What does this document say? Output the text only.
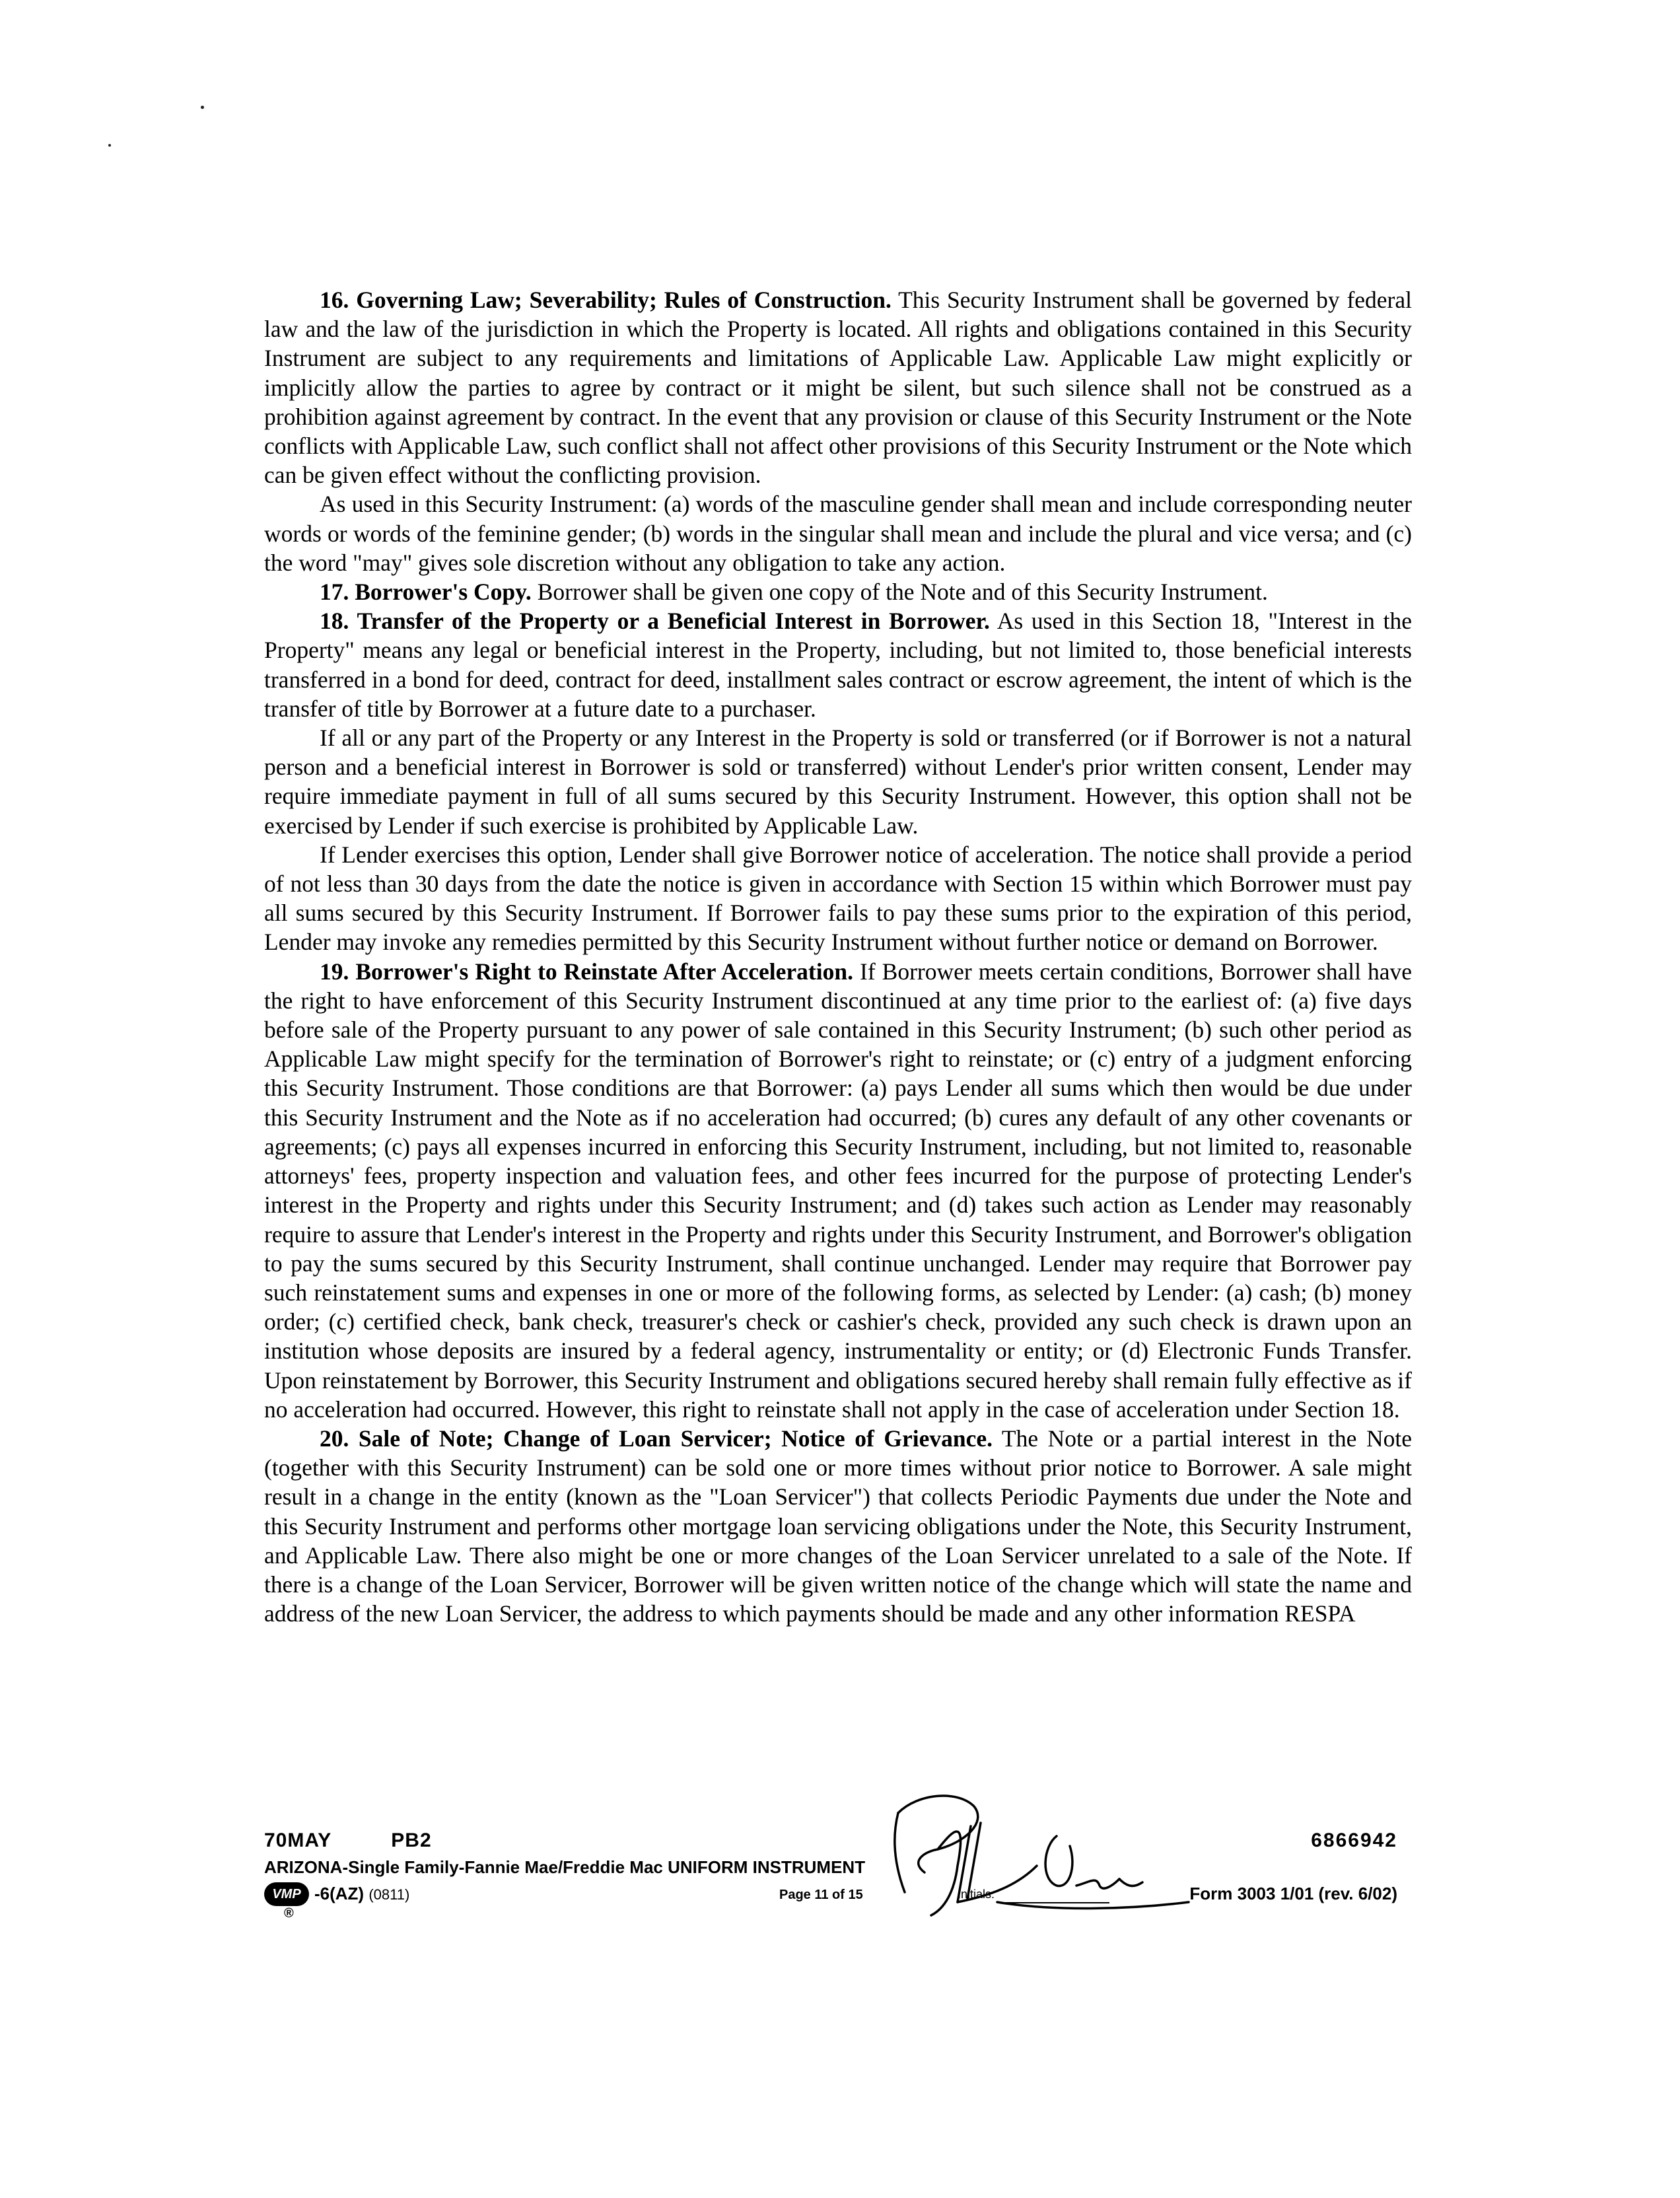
16. Governing Law; Severability; Rules of Construction. This Security Instrument shall be governed by federal law and the law of the jurisdiction in which the Property is located. All rights and obligations contained in this Security Instrument are subject to any requirements and limitations of Applicable Law. Applicable Law might explicitly or implicitly allow the parties to agree by contract or it might be silent, but such silence shall not be construed as a prohibition against agreement by contract. In the event that any provision or clause of this Security Instrument or the Note conflicts with Applicable Law, such conflict shall not affect other provisions of this Security Instrument or the Note which can be given effect without the conflicting provision.

As used in this Security Instrument: (a) words of the masculine gender shall mean and include corresponding neuter words or words of the feminine gender; (b) words in the singular shall mean and include the plural and vice versa; and (c) the word "may" gives sole discretion without any obligation to take any action.

17. Borrower's Copy. Borrower shall be given one copy of the Note and of this Security Instrument.

18. Transfer of the Property or a Beneficial Interest in Borrower. As used in this Section 18, "Interest in the Property" means any legal or beneficial interest in the Property, including, but not limited to, those beneficial interests transferred in a bond for deed, contract for deed, installment sales contract or escrow agreement, the intent of which is the transfer of title by Borrower at a future date to a purchaser.

If all or any part of the Property or any Interest in the Property is sold or transferred (or if Borrower is not a natural person and a beneficial interest in Borrower is sold or transferred) without Lender's prior written consent, Lender may require immediate payment in full of all sums secured by this Security Instrument. However, this option shall not be exercised by Lender if such exercise is prohibited by Applicable Law.

If Lender exercises this option, Lender shall give Borrower notice of acceleration. The notice shall provide a period of not less than 30 days from the date the notice is given in accordance with Section 15 within which Borrower must pay all sums secured by this Security Instrument. If Borrower fails to pay these sums prior to the expiration of this period, Lender may invoke any remedies permitted by this Security Instrument without further notice or demand on Borrower.

19. Borrower's Right to Reinstate After Acceleration. If Borrower meets certain conditions, Borrower shall have the right to have enforcement of this Security Instrument discontinued at any time prior to the earliest of: (a) five days before sale of the Property pursuant to any power of sale contained in this Security Instrument; (b) such other period as Applicable Law might specify for the termination of Borrower's right to reinstate; or (c) entry of a judgment enforcing this Security Instrument. Those conditions are that Borrower: (a) pays Lender all sums which then would be due under this Security Instrument and the Note as if no acceleration had occurred; (b) cures any default of any other covenants or agreements; (c) pays all expenses incurred in enforcing this Security Instrument, including, but not limited to, reasonable attorneys' fees, property inspection and valuation fees, and other fees incurred for the purpose of protecting Lender's interest in the Property and rights under this Security Instrument; and (d) takes such action as Lender may reasonably require to assure that Lender's interest in the Property and rights under this Security Instrument, and Borrower's obligation to pay the sums secured by this Security Instrument, shall continue unchanged. Lender may require that Borrower pay such reinstatement sums and expenses in one or more of the following forms, as selected by Lender: (a) cash; (b) money order; (c) certified check, bank check, treasurer's check or cashier's check, provided any such check is drawn upon an institution whose deposits are insured by a federal agency, instrumentality or entity; or (d) Electronic Funds Transfer. Upon reinstatement by Borrower, this Security Instrument and obligations secured hereby shall remain fully effective as if no acceleration had occurred. However, this right to reinstate shall not apply in the case of acceleration under Section 18.

20. Sale of Note; Change of Loan Servicer; Notice of Grievance. The Note or a partial interest in the Note (together with this Security Instrument) can be sold one or more times without prior notice to Borrower. A sale might result in a change in the entity (known as the "Loan Servicer") that collects Periodic Payments due under the Note and this Security Instrument and performs other mortgage loan servicing obligations under the Note, this Security Instrument, and Applicable Law. There also might be one or more changes of the Loan Servicer unrelated to a sale of the Note. If there is a change of the Loan Servicer, Borrower will be given written notice of the change which will state the name and address of the new Loan Servicer, the address to which payments should be made and any other information RESPA

70MAY	PB2	6866942
ARIZONA-Single Family-Fannie Mae/Freddie Mac UNIFORM INSTRUMENT
VMP
®
-6(AZ) (0811)	Page 11 of 15	Initials:	Form 3003 1/01 (rev. 6/02)
